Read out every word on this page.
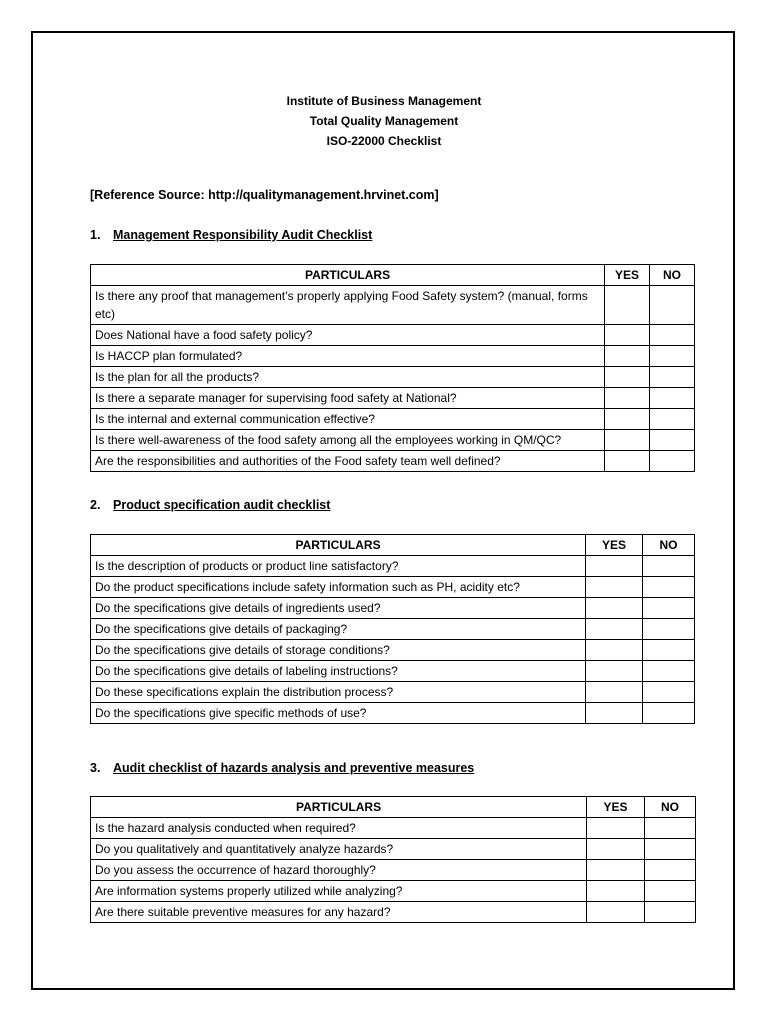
Institute of Business Management
Total Quality Management
ISO-22000 Checklist
[Reference Source: http://qualitymanagement.hrvinet.com]
1. Management Responsibility Audit Checklist
PARTICULARS	YES	NO
Is there any proof that management’s properly applying Food Safety system? (manual, forms etc)		
Does National have a food safety policy?		
Is HACCP plan formulated?		
Is the plan for all the products?		
Is there a separate manager for supervising food safety at National?		
Is the internal and external communication effective?		
Is there well-awareness of the food safety among all the employees working in QM/QC?		
Are the responsibilities and authorities of the Food safety team well defined?		
2. Product specification audit checklist
PARTICULARS	YES	NO
Is the description of products or product line satisfactory?		
Do the product specifications include safety information such as PH, acidity etc?		
Do the specifications give details of ingredients used?		
Do the specifications give details of packaging?		
Do the specifications give details of storage conditions?		
Do the specifications give details of labeling instructions?		
Do these specifications explain the distribution process?		
Do the specifications give specific methods of use?		
3. Audit checklist of hazards analysis and preventive measures
PARTICULARS	YES	NO
Is the hazard analysis conducted when required?		
Do you qualitatively and quantitatively analyze hazards?		
Do you assess the occurrence of hazard thoroughly?		
Are information systems properly utilized while analyzing?		
Are there suitable preventive measures for any hazard?		
